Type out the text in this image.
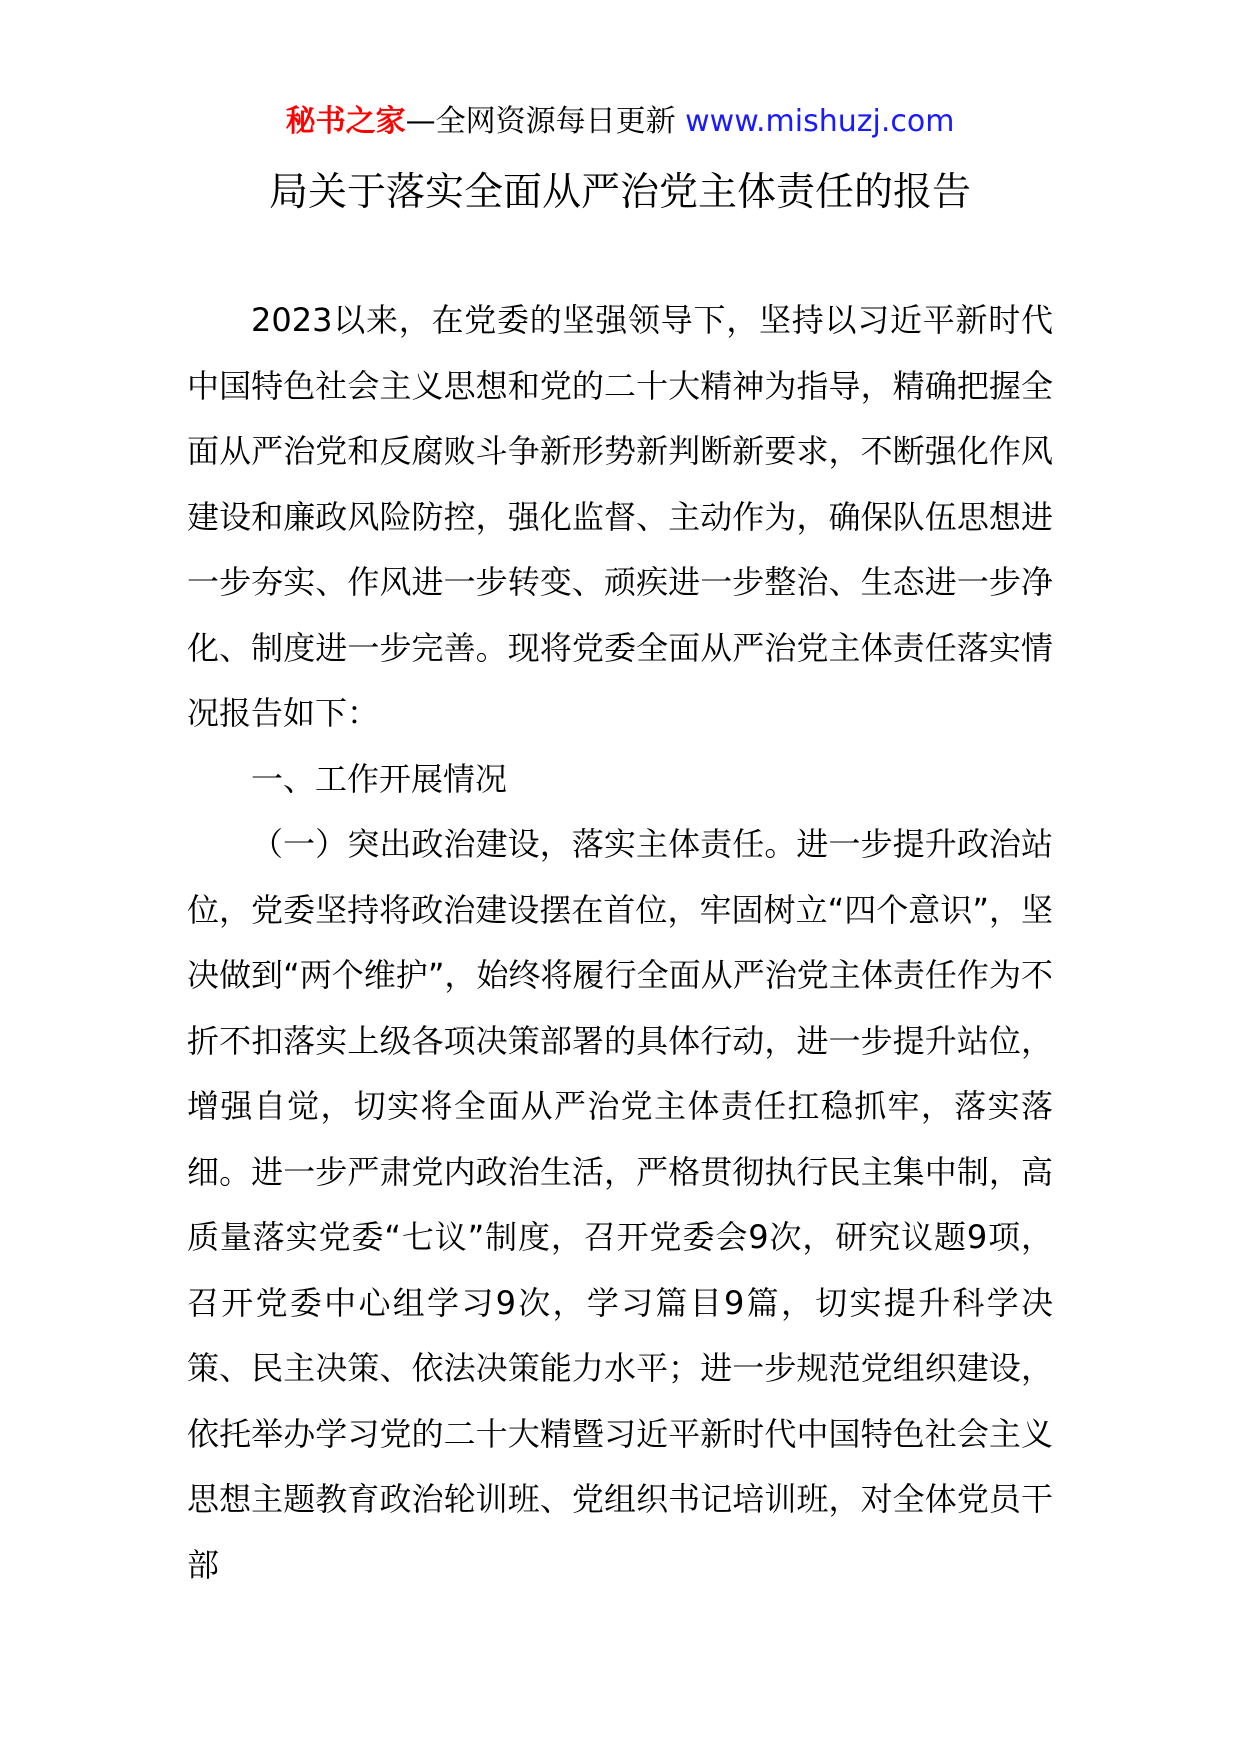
秘书之家—全网资源每日更新 www.mishuzj.com
局关于落实全面从严治党主体责任的报告

2023以来，在党委的坚强领导下，坚持以习近平新时代中国特色社会主义思想和党的二十大精神为指导，精确把握全面从严治党和反腐败斗争新形势新判断新要求，不断强化作风建设和廉政风险防控，强化监督、主动作为，确保队伍思想进一步夯实、作风进一步转变、顽疾进一步整治、生态进一步净化、制度进一步完善。现将党委全面从严治党主体责任落实情况报告如下：

一、工作开展情况

（一）突出政治建设，落实主体责任。进一步提升政治站位，党委坚持将政治建设摆在首位，牢固树立“四个意识”，坚决做到“两个维护”，始终将履行全面从严治党主体责任作为不折不扣落实上级各项决策部署的具体行动，进一步提升站位，增强自觉，切实将全面从严治党主体责任扛稳抓牢，落实落细。进一步严肃党内政治生活，严格贯彻执行民主集中制，高质量落实党委“七议”制度，召开党委会9次，研究议题9项，召开党委中心组学习9次，学习篇目9篇，切实提升科学决策、民主决策、依法决策能力水平；进一步规范党组织建设，依托举办学习党的二十大精暨习近平新时代中国特色社会主义思想主题教育政治轮训班、党组织书记培训班，对全体党员干部
